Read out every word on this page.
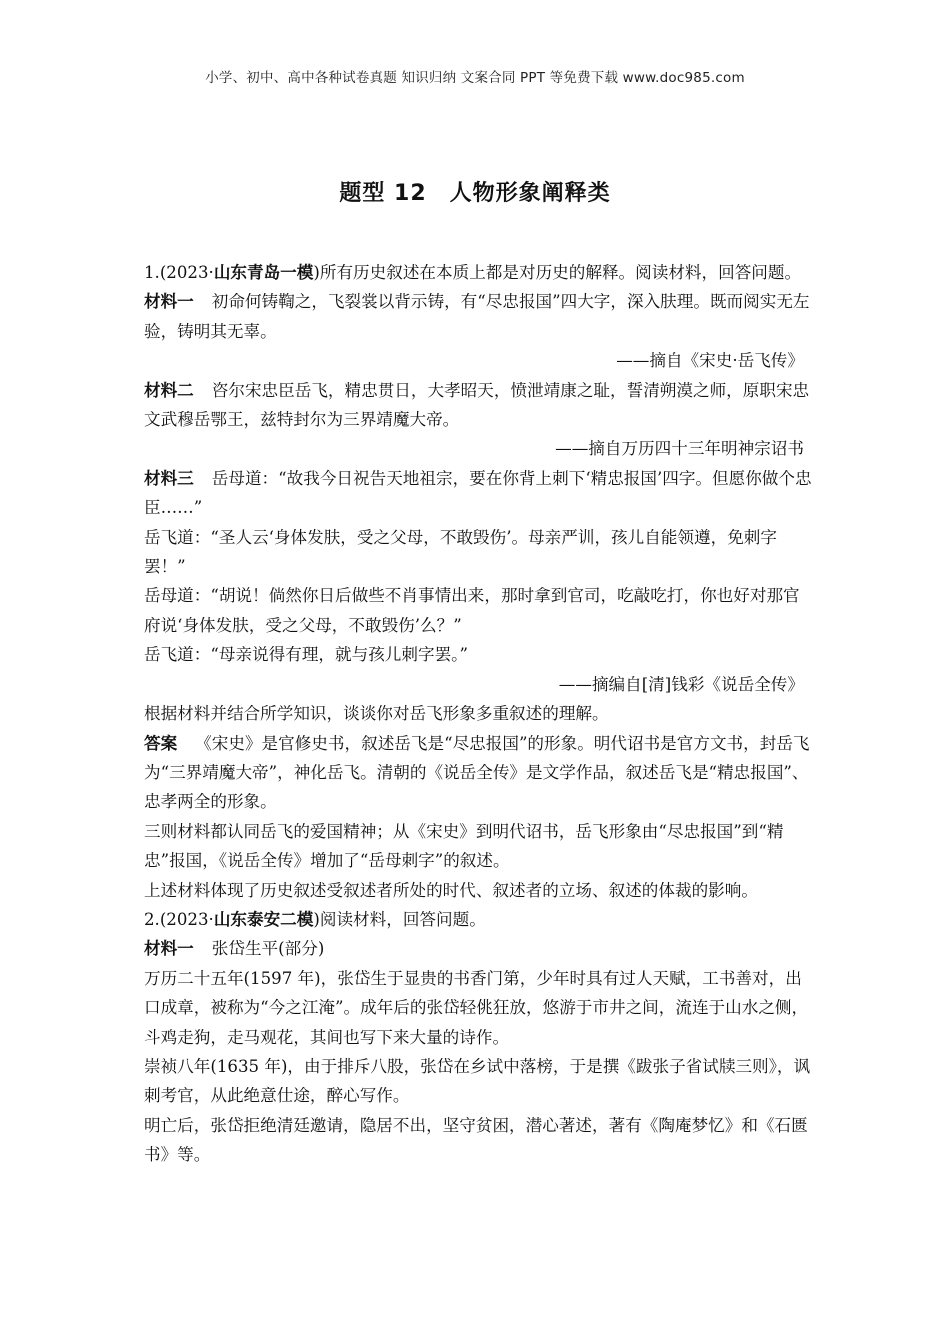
小学、初中、高中各种试卷真题 知识归纳 文案合同 PPT 等免费下载 www.doc985.com
题型 12　人物形象阐释类

1.(2023·山东青岛一模)所有历史叙述在本质上都是对历史的解释。阅读材料，回答问题。

材料一 初命何铸鞫之，飞裂裳以背示铸，有“尽忠报国”四大字，深入肤理。既而阅实无左验，铸明其无辜。

——摘自《宋史·岳飞传》

材料二 咨尔宋忠臣岳飞，精忠贯日，大孝昭天，愤泄靖康之耻，誓清朔漠之师，原职宋忠文武穆岳鄂王，兹特封尔为三界靖魔大帝。

——摘自万历四十三年明神宗诏书

材料三 岳母道：“故我今日祝告天地祖宗，要在你背上刺下‘精忠报国’四字。但愿你做个忠臣……”

岳飞道：“圣人云‘身体发肤，受之父母，不敢毁伤’。母亲严训，孩儿自能领遵，免刺字罢！”

岳母道：“胡说！倘然你日后做些不肖事情出来，那时拿到官司，吃敲吃打，你也好对那官府说‘身体发肤，受之父母，不敢毁伤’么？”

岳飞道：“母亲说得有理，就与孩儿刺字罢。”

——摘编自[清]钱彩《说岳全传》

根据材料并结合所学知识，谈谈你对岳飞形象多重叙述的理解。

答案 《宋史》是官修史书，叙述岳飞是“尽忠报国”的形象。明代诏书是官方文书，封岳飞为“三界靖魔大帝”，神化岳飞。清朝的《说岳全传》是文学作品，叙述岳飞是“精忠报国”、忠孝两全的形象。

三则材料都认同岳飞的爱国精神；从《宋史》到明代诏书，岳飞形象由“尽忠报国”到“精忠”报国，《说岳全传》增加了“岳母刺字”的叙述。

上述材料体现了历史叙述受叙述者所处的时代、叙述者的立场、叙述的体裁的影响。

2.(2023·山东泰安二模)阅读材料，回答问题。

材料一 张岱生平(部分)

万历二十五年(1597 年)，张岱生于显贵的书香门第，少年时具有过人天赋，工书善对，出口成章，被称为“今之江淹”。成年后的张岱轻佻狂放，悠游于市井之间，流连于山水之侧，斗鸡走狗，走马观花，其间也写下来大量的诗作。

崇祯八年(1635 年)，由于排斥八股，张岱在乡试中落榜，于是撰《跋张子省试牍三则》，讽刺考官，从此绝意仕途，醉心写作。

明亡后，张岱拒绝清廷邀请，隐居不出，坚守贫困，潜心著述，著有《陶庵梦忆》和《石匮书》等。
